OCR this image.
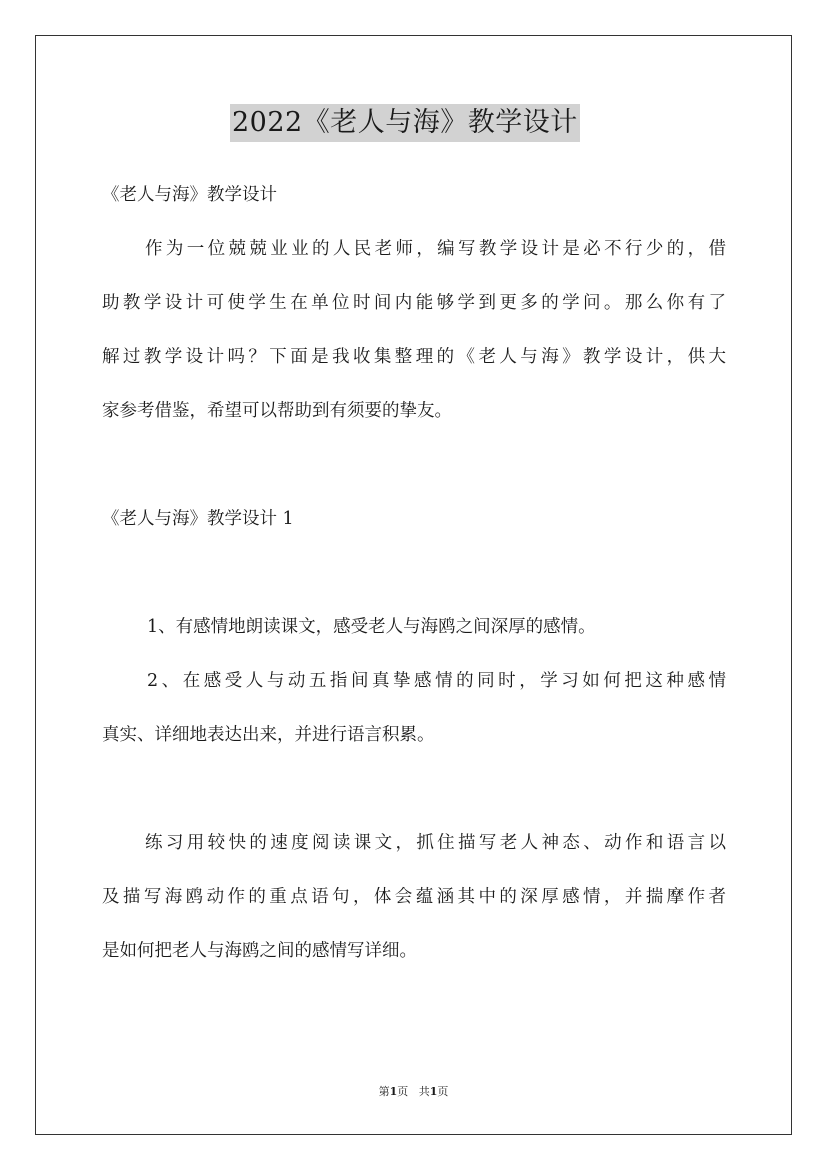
2022《老人与海》教学设计
《老人与海》教学设计
作为一位兢兢业业的人民老师，编写教学设计是必不行少的，借
助教学设计可使学生在单位时间内能够学到更多的学问。那么你有了
解过教学设计吗？下面是我收集整理的《老人与海》教学设计，供大
家参考借鉴，希望可以帮助到有须要的挚友。
《老人与海》教学设计 1
1、有感情地朗读课文，感受老人与海鸥之间深厚的感情。
2、在感受人与动五指间真挚感情的同时，学习如何把这种感情
真实、详细地表达出来，并进行语言积累。
练习用较快的速度阅读课文，抓住描写老人神态、动作和语言以
及描写海鸥动作的重点语句，体会蕴涵其中的深厚感情，并揣摩作者
是如何把老人与海鸥之间的感情写详细。
第1页 共1页
